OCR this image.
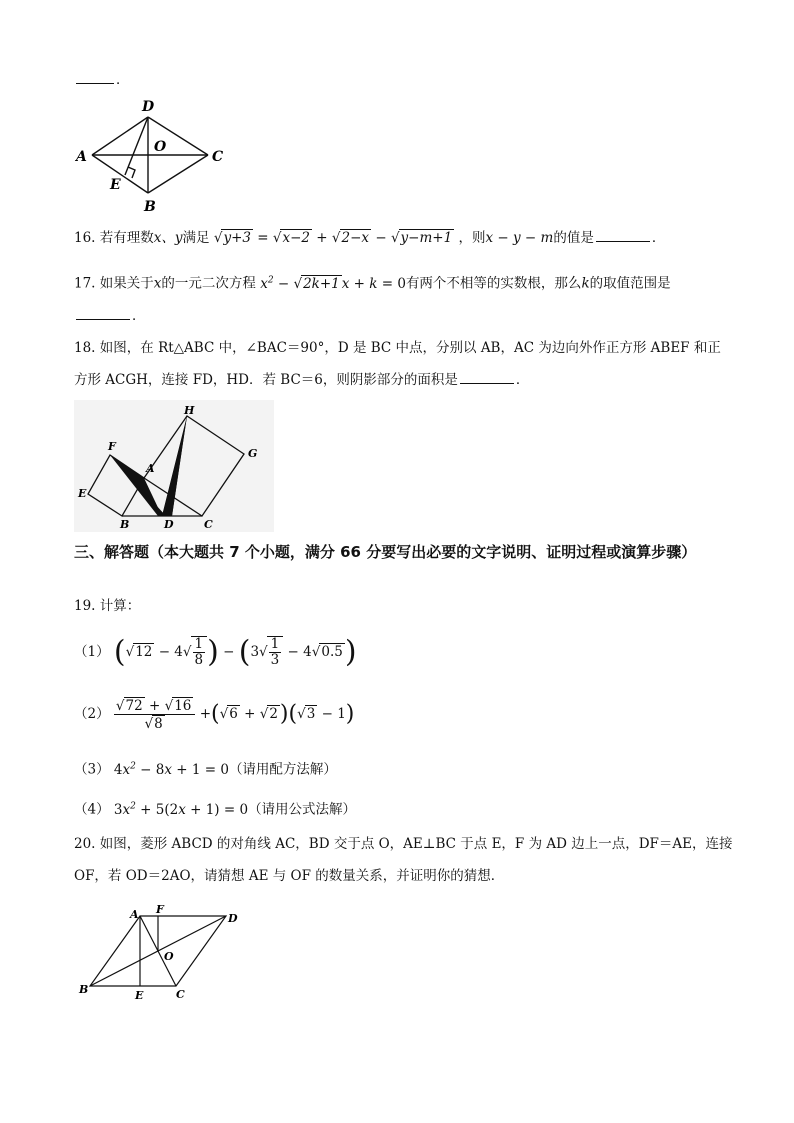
．
D
A
O
C
E
B
16. 若有理数x、y满足 √y+3 = √x−2 + √2−x − √y−m+1 ，则x − y − m的值是	．
17. 如果关于x的一元二次方程 $x^2 - √2k+1$ x + k = 0有两个不相等的实数根，那么k的取值范围是
．
18. 如图，在 Rt△ABC 中，∠BAC＝90°，D 是 BC 中点，分别以 AB，AC 为边向外作正方形 ABEF 和正
方形 ACGH，连接 FD，HD．若 BC＝6，则阴影部分的面积是	．
F
H
G
A
E
B	D	C
三、解答题（本大题共 7 个小题，满分 66 分要写出必要的文字说明、证明过程或演算步骤）
19. 计算：
（1） ($√12 - 4√ \frac{1}{8}$ ) − $(3√ \frac{1}{3} - 4√0.5)$
$(2) \frac{√72 + √16}{√8} +(√6 + √2)(√3 - 1)$
（3） $4x^2 - 8x + 1 = 0$（请用配方法解）
（4） $3x^2 + 5(2x + 1) = 0$（请用公式法解）
20. 如图，菱形 ABCD 的对角线 AC，BD 交于点 O，AE⊥BC 于点 E，F 为 AD 边上一点，DF＝AE，连接
OF，若 OD＝2AO，请猜想 AE 与 OF 的数量关系，并证明你的猜想．
A F
D
O
B	E	C
